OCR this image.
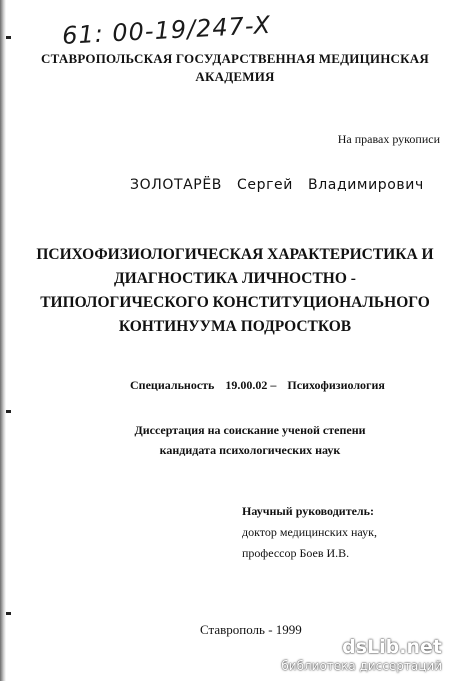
61: 00-19/247-X
СТАВРОПОЛЬСКАЯ ГОСУДАРСТВЕННАЯ МЕДИЦИНСКАЯ
АКАДЕМИЯ
На правах рукописи
ЗОЛОТАРЁВ Сергей Владимирович
ПСИХОФИЗИОЛОГИЧЕСКАЯ ХАРАКТЕРИСТИКА И
ДИАГНОСТИКА ЛИЧНОСТНО -
ТИПОЛОГИЧЕСКОГО КОНСТИТУЦИОНАЛЬНОГО
КОНТИНУУМА ПОДРОСТКОВ
Специальность 19.00.02 – Психофизиология
Диссертация на соискание ученой степени
кандидата психологических наук
Научный руководитель:
доктор медицинских наук,
профессор Боев И.В.
Ставрополь - 1999
dsLib.net
библиотека диссертаций
